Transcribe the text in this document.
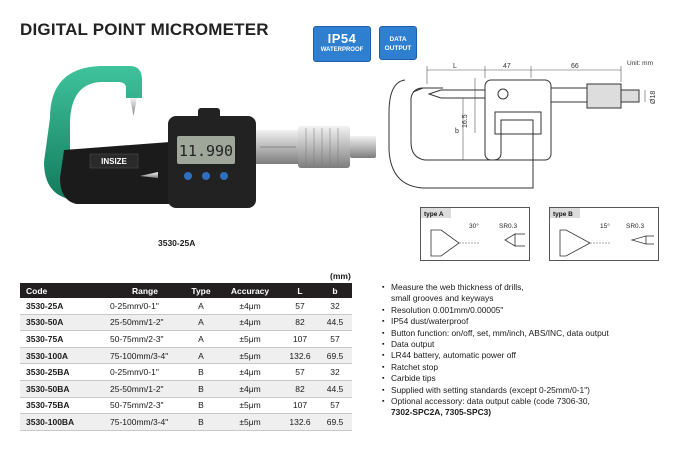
DIGITAL POINT MICROMETER	IP54
WATERPROOF
DATA
OUTPUT
INSIZE
11.990
3530-25A
L	47	66
b
16.5
Ø18
Unit: mm
type A
30°	SR0.3
type B
15° SR0.3
(mm)
Code	Range	Type	Accuracy	L	b
3530-25A	0-25mm/0-1"	A	±4μm	57	32
3530-50A	25-50mm/1-2"	A	±4μm	82	44.5
3530-75A	50-75mm/2-3"	A	±5μm	107	57
3530-100A	75-100mm/3-4"	A	±5μm	132.6	69.5
3530-25BA	0-25mm/0-1"	B	±4μm	57	32
3530-50BA	25-50mm/1-2"	B	±4μm	82	44.5
3530-75BA	50-75mm/2-3"	B	±5μm	107	57
3530-100BA	75-100mm/3-4"	B	±5μm	132.6	69.5
▪ Measure the web thickness of drills,
small grooves and keyways
▪ Resolution 0.001mm/0.00005"
▪ IP54 dust/waterproof
▪ Button function: on/off, set, mm/inch, ABS/INC, data output
▪ Data output
▪ LR44 battery, automatic power off
▪ Ratchet stop
▪ Carbide tips
▪ Supplied with setting standards (except 0-25mm/0-1")
▪ Optional accessory: data output cable (code 7306-30,
7302-SPC2A, 7305-SPC3)
